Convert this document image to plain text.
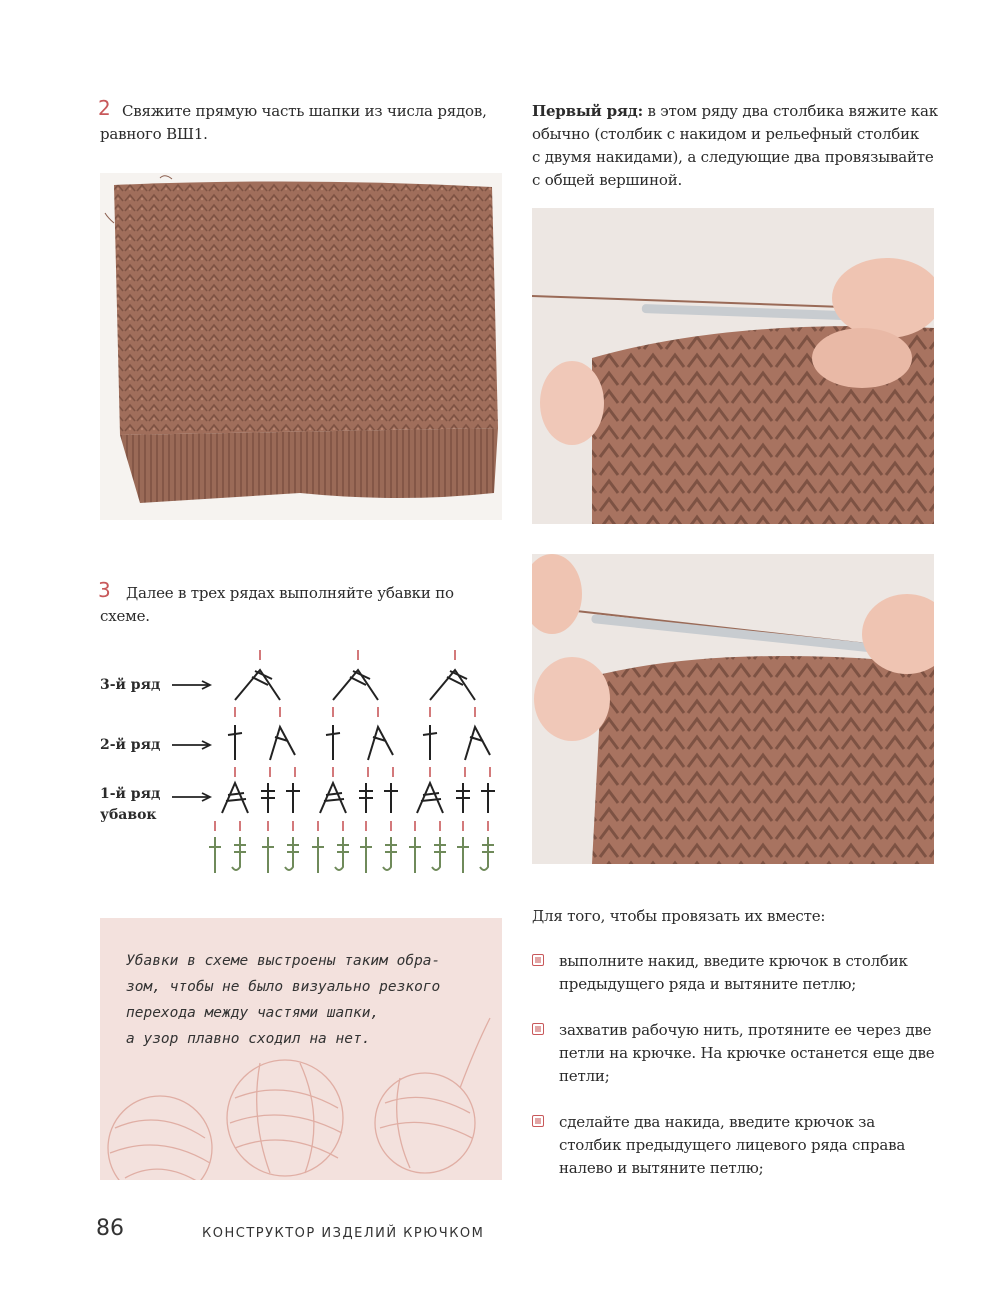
2 Свяжите прямую часть шапки из числа рядов,
равного ВШ1.
Первый ряд: в этом ряду два столбика вяжите как
обычно (столбик с накидом и рельефный столбик
с двумя накидами), а следующие два провязывайте
с общей вершиной.
3 Далее в трех рядах выполняйте убавки по
схеме.
3-й ряд
2-й ряд
1-й ряд
убавок
Убавки в схеме выстроены таким обра-
зом, чтобы не было визуально резкого
перехода между частями шапки,
а узор плавно сходил на нет.
Для того, чтобы провязать их вместе:
выполните накид, введите крючок в столбик
предыдущего ряда и вытяните петлю;
захватив рабочую нить, протяните ее через две
петли на крючке. На крючке останется еще две
петли;
сделайте два накида, введите крючок за
столбик предыдущего лицевого ряда справа
налево и вытяните петлю;
86	КОНСТРУКТОР ИЗДЕЛИЙ КРЮЧКОМ
